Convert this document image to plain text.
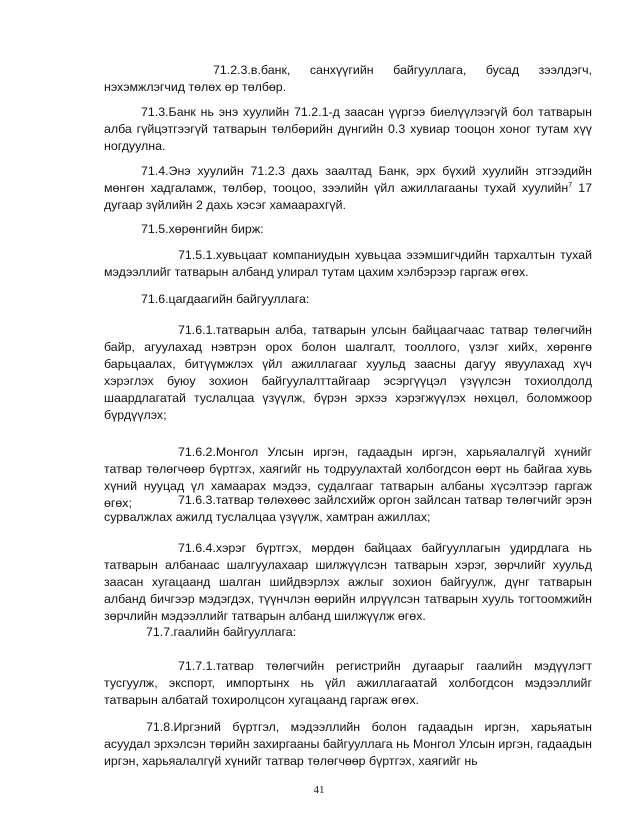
71.2.3.в.банк, санхүүгийн байгууллага, бусад зээлдэгч, нэхэмжлэгчид төлөх өр төлбөр.
71.3.Банк нь энэ хуулийн 71.2.1-д заасан үүргээ биелүүлээгүй бол татварын алба гүйцэтгээгүй татварын төлбөрийн дүнгийн 0.3 хувиар тооцон хоног тутам хүү ногдуулна.
71.4.Энэ хуулийн 71.2.3 дахь заалтад Банк, эрх бүхий хуулийн этгээдийн мөнгөн хадгаламж, төлбөр, тооцоо, зээлийн үйл ажиллагааны тухай хуулийн$^7$ 17 дугаар зүйлийн 2 дахь хэсэг хамаарахгүй.
71.5.хөрөнгийн бирж:
71.5.1.хувьцаат компаниудын хувьцаа эзэмшигчдийн тархалтын тухай мэдээллийг татварын албанд улирал тутам цахим хэлбэрээр гаргаж өгөх.
71.6.цагдаагийн байгууллага:
71.6.1.татварын алба, татварын улсын байцаагчаас татвар төлөгчийн байр, агуулахад нэвтрэн орох болон шалгалт, тооллого, үзлэг хийх, хөрөнгө барьцаалах, битүүмжлэх үйл ажиллагааг хуульд заасны дагуу явуулахад хүч хэрэглэх буюу зохион байгуулалттайгаар эсэргүүцэл үзүүлсэн тохиолдолд шаардлагатай туслалцаа үзүүлж, бүрэн эрхээ хэрэгжүүлэх нөхцөл, боломжоор бүрдүүлэх;
71.6.2.Монгол Улсын иргэн, гадаадын иргэн, харьяалалгүй хүнийг татвар төлөгчөөр бүртгэх, хаягийг нь тодруулахтай холбогдсон өөрт нь байгаа хувь хүний нууцад үл хамаарах мэдээ, судалгааг татварын албаны хүсэлтээр гаргаж өгөх;	71.6.3.татвар төлөхөөс зайлсхийж оргон зайлсан татвар төлөгчийг эрэн сурвалжлах ажилд туслалцаа үзүүлж, хамтран ажиллах;
71.6.4.хэрэг бүртгэх, мөрдөн байцаах байгууллагын удирдлага нь татварын албанаас шалгуулахаар шилжүүлсэн татварын хэрэг, зөрчлийг хуульд заасан хугацаанд шалган шийдвэрлэх ажлыг зохион байгуулж, дүнг татварын албанд бичгээр мэдэгдэх, түүнчлэн өөрийн илрүүлсэн татварын хууль тогтоомжийн зөрчлийн мэдээллийг татварын албанд шилжүүлж өгөх.
71.7.гаалийн байгууллага:
71.7.1.татвар төлөгчийн регистрийн дугаарыг гаалийн мэдүүлэгт тусгуулж, экспорт, импортынх нь үйл ажиллагаатай холбогдсон мэдээллийг татварын албатай тохиролцсон хугацаанд гаргаж өгөх.
71.8.Иргэний бүртгэл, мэдээллийн болон гадаадын иргэн, харьяатын асуудал эрхэлсэн төрийн захиргааны байгууллага нь Монгол Улсын иргэн, гадаадын иргэн, харьяалалгүй хүнийг татвар төлөгчөөр бүртгэх, хаягийг нь
41
